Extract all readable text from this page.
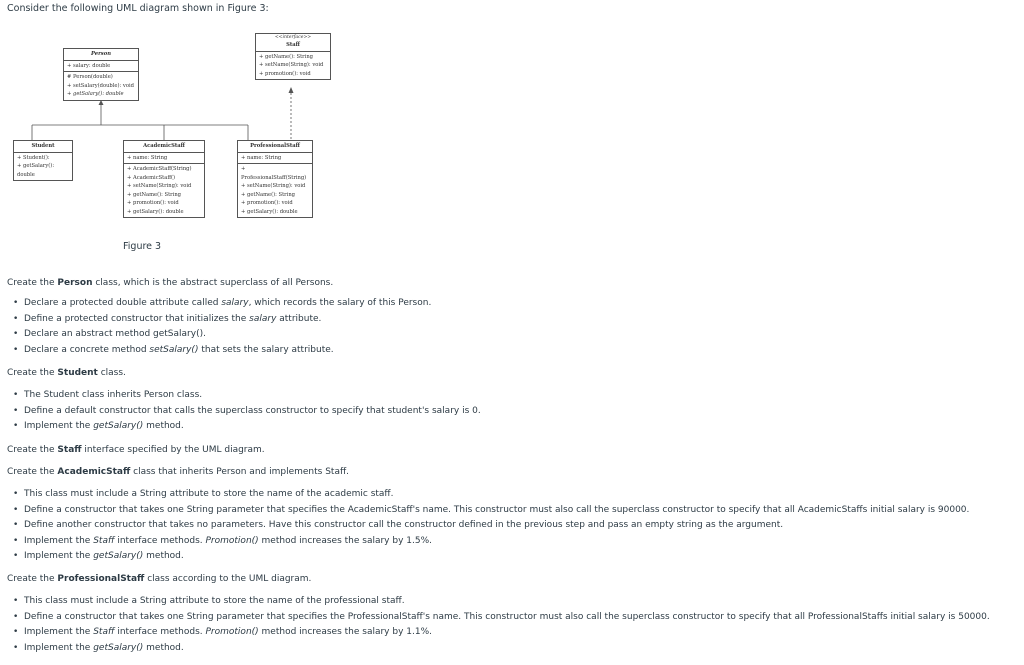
Consider the following UML diagram shown in Figure 3:
Person
+ salary: double
# Person(double)
+ setSalary(double): void
+ getSalary(): double
<<interface>>
Staff
+ getName(): String
+ setName(String): void
+ promotion(): void
Student
+ Student():
+ getSalary(): double
AcademicStaff
+ name: String
+ AcademicStaff(String)
+ AcademicStaff()
+ setName(String): void
+ getName(): String
+ promotion(): void
+ getSalary(): double
ProfessionalStaff
+ name: String
+ ProfessionalStaff(String)
+ setName(String): void
+ getName(): String
+ promotion(): void
+ getSalary(): double
Figure 3

Create the Person class, which is the abstract superclass of all Persons.

• Declare a protected double attribute called salary, which records the salary of this Person.
• Define a protected constructor that initializes the salary attribute.
• Declare an abstract method getSalary().
• Declare a concrete method setSalary() that sets the salary attribute.

Create the Student class.

• The Student class inherits Person class.
• Define a default constructor that calls the superclass constructor to specify that student's salary is 0.
• Implement the getSalary() method.

Create the Staff interface specified by the UML diagram.

Create the AcademicStaff class that inherits Person and implements Staff.

• This class must include a String attribute to store the name of the academic staff.
• Define a constructor that takes one String parameter that specifies the AcademicStaff's name. This constructor must also call the superclass constructor to specify that all AcademicStaffs initial salary is 90000.
• Define another constructor that takes no parameters. Have this constructor call the constructor defined in the previous step and pass an empty string as the argument.
• Implement the Staff interface methods. Promotion() method increases the salary by 1.5%.
• Implement the getSalary() method.

Create the ProfessionalStaff class according to the UML diagram.

• This class must include a String attribute to store the name of the professional staff.
• Define a constructor that takes one String parameter that specifies the ProfessionalStaff's name. This constructor must also call the superclass constructor to specify that all ProfessionalStaffs initial salary is 50000.
• Implement the Staff interface methods. Promotion() method increases the salary by 1.1%.
• Implement the getSalary() method.
